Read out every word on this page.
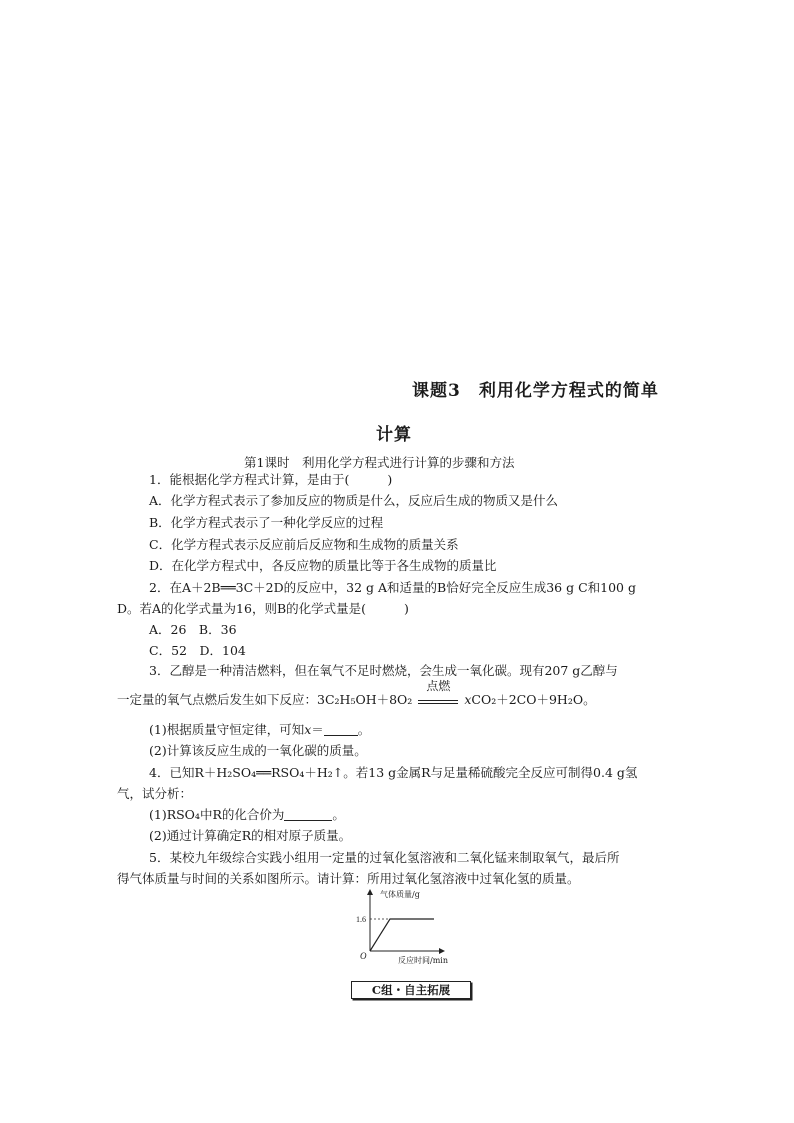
课题3　利用化学方程式的简单
计算
第1课时　利用化学方程式进行计算的步骤和方法
1．能根据化学方程式计算，是由于(	)
A．化学方程式表示了参加反应的物质是什么，反应后生成的物质又是什么
B．化学方程式表示了一种化学反应的过程
C．化学方程式表示反应前后反应物和生成物的质量关系
D．在化学方程式中，各反应物的质量比等于各生成物的质量比
2．在A＋2B══3C＋2D的反应中，32 g A和适量的B恰好完全反应生成36 g C和100 g
D。若A的化学式量为16，则B的化学式量是(	)
A．26　B．36
C．52　D．104
3．乙醇是一种清洁燃料，但在氧气不足时燃烧，会生成一氧化碳。现有207 g乙醇与
一定量的氧气点燃后发生如下反应：3C₂H₅OH＋8O₂
点燃
xCO₂＋2CO＋9H₂O。
(1)根据质量守恒定律，可知x＝	。
(2)计算该反应生成的一氧化碳的质量。
4．已知R＋H₂SO₄══RSO₄＋H₂↑。若13 g金属R与足量稀硫酸完全反应可制得0.4 g氢
气，试分析：
(1)RSO₄中R的化合价为	。
(2)通过计算确定R的相对原子质量。
5．某校九年级综合实践小组用一定量的过氧化氢溶液和二氧化锰来制取氧气，最后所
得气体质量与时间的关系如图所示。请计算：所用过氧化氢溶液中过氧化氢的质量。
1.6
O
气体质量/g
反应时间/min
C组・自主拓展
